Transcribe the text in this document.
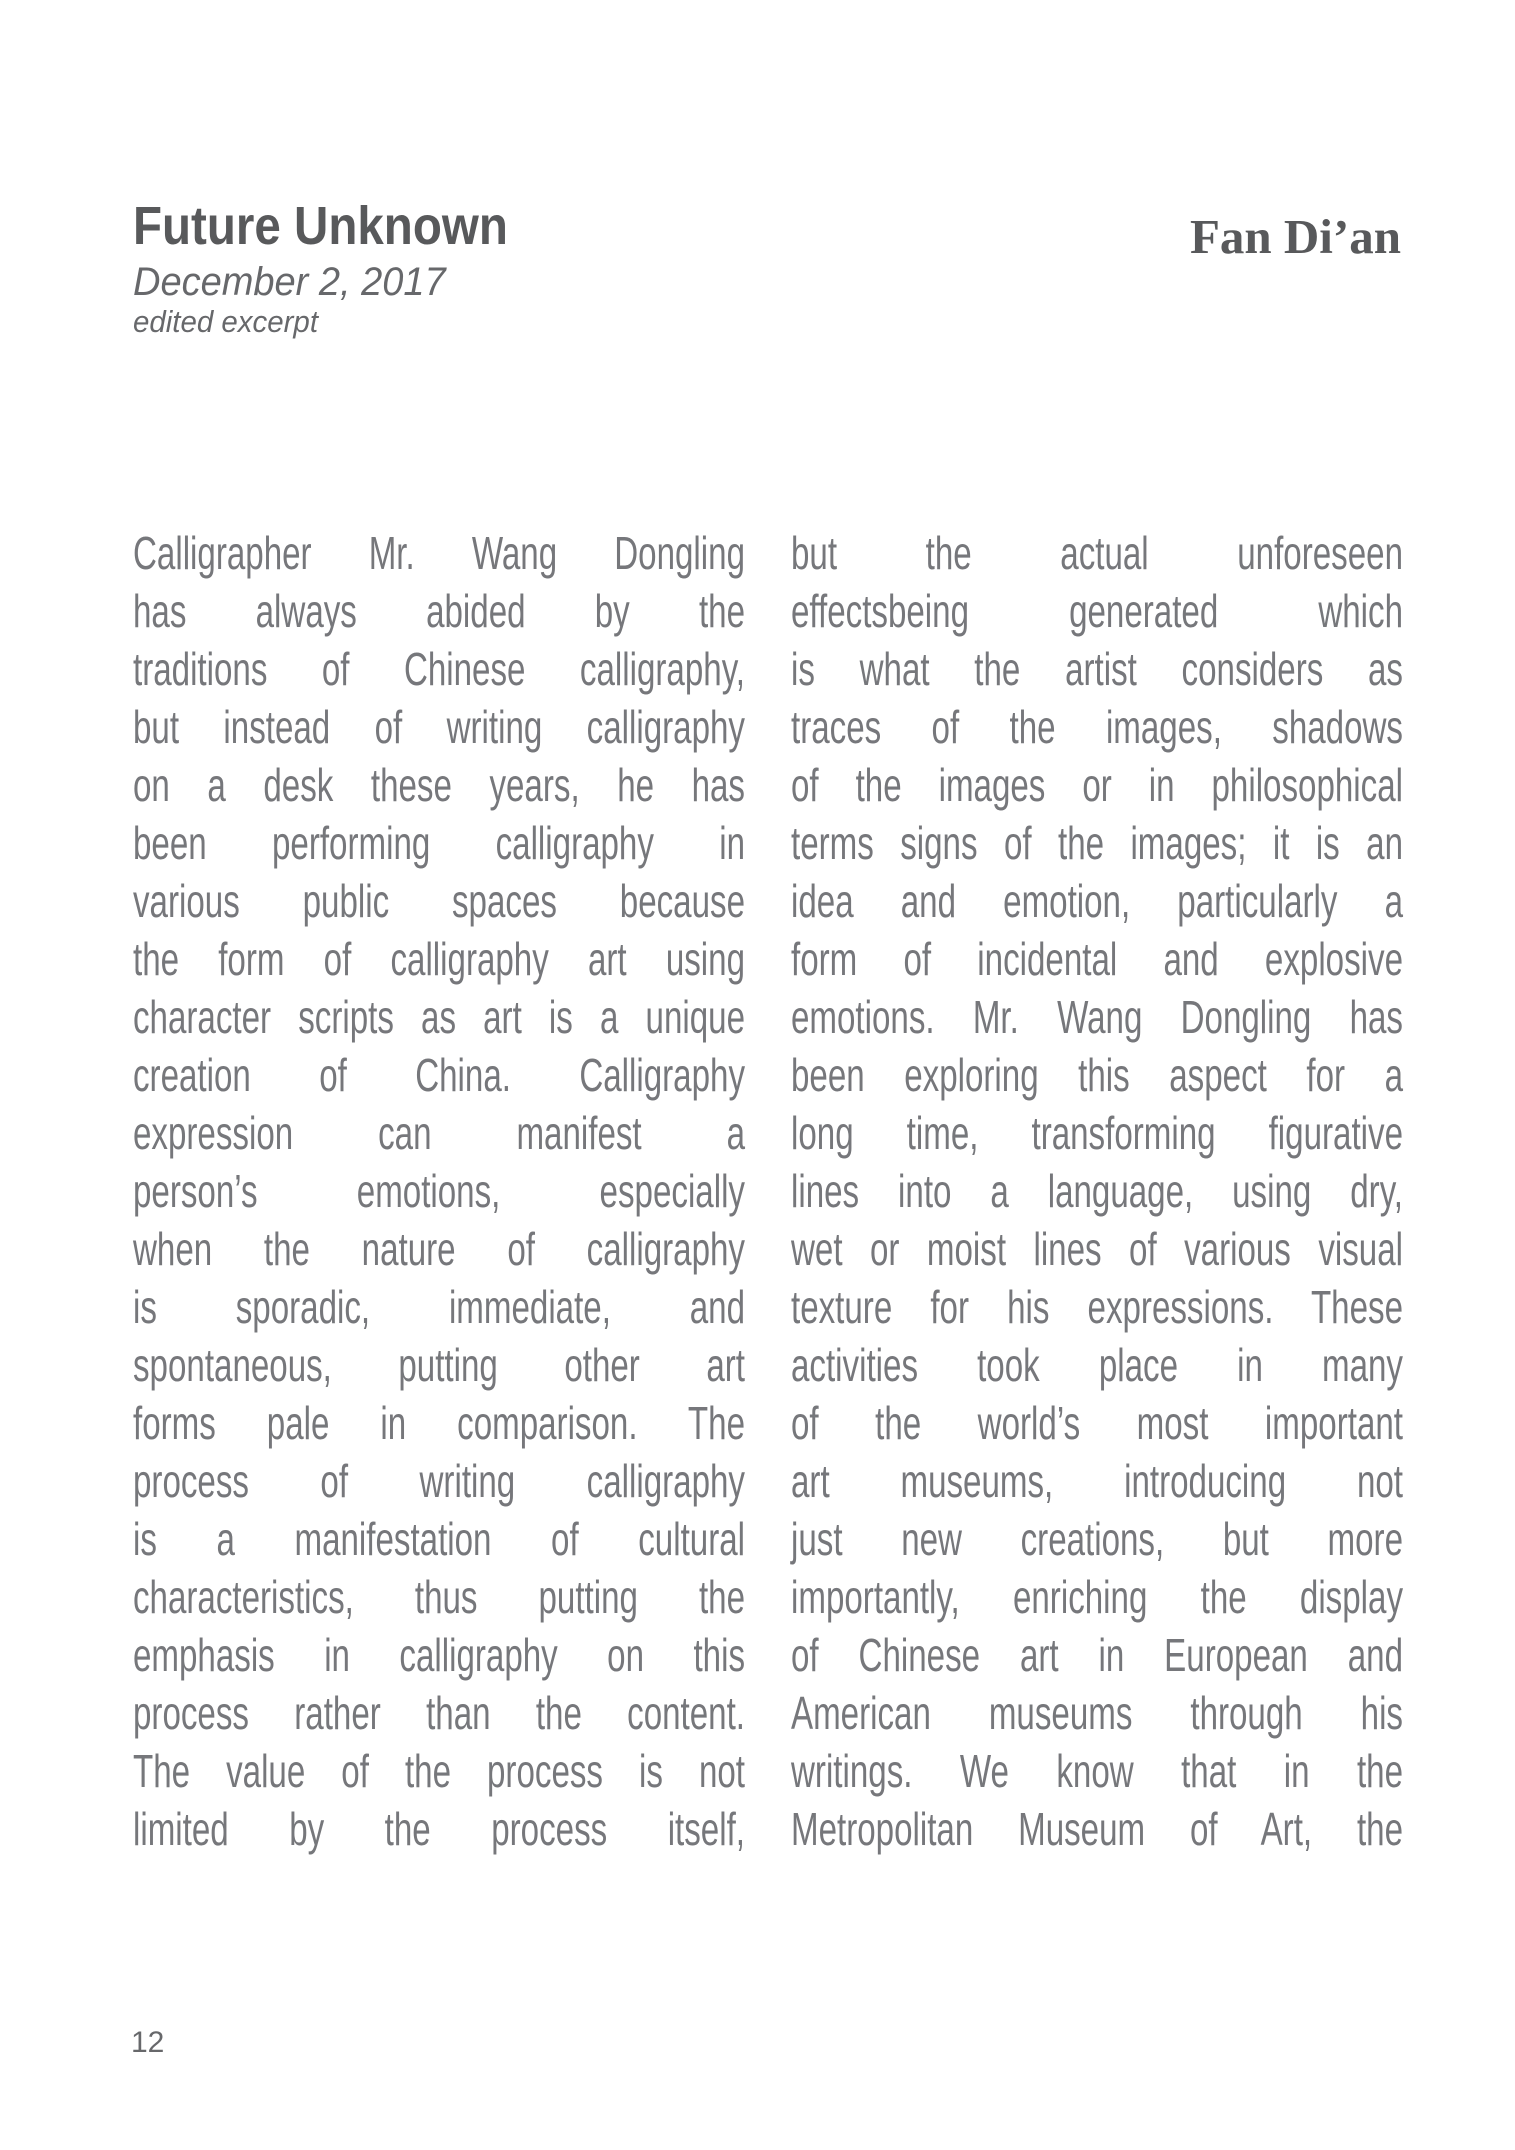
Future Unknown
December 2, 2017
edited excerpt
Fan Di’an
Calligrapher Mr. Wang Dongling
has always abided by the
traditions of Chinese calligraphy,
but instead of writing calligraphy
on a desk these years, he has
been performing calligraphy in
various public spaces because
the form of calligraphy art using
character scripts as art is a unique
creation of China. Calligraphy
expression can manifest a
person’s emotions, especially
when the nature of calligraphy
is sporadic, immediate, and
spontaneous, putting other art
forms pale in comparison. The
process of writing calligraphy
is a manifestation of cultural
characteristics, thus putting the
emphasis in calligraphy on this
process rather than the content.
The value of the process is not
limited by the process itself,
but the actual unforeseen
effectsbeing generated which
is what the artist considers as
traces of the images, shadows
of the images or in philosophical
terms signs of the images; it is an
idea and emotion, particularly a
form of incidental and explosive
emotions. Mr. Wang Dongling has
been exploring this aspect for a
long time, transforming figurative
lines into a language, using dry,
wet or moist lines of various visual
texture for his expressions. These
activities took place in many
of the world’s most important
art museums, introducing not
just new creations, but more
importantly, enriching the display
of Chinese art in European and
American museums through his
writings. We know that in the
Metropolitan Museum of Art, the
12
